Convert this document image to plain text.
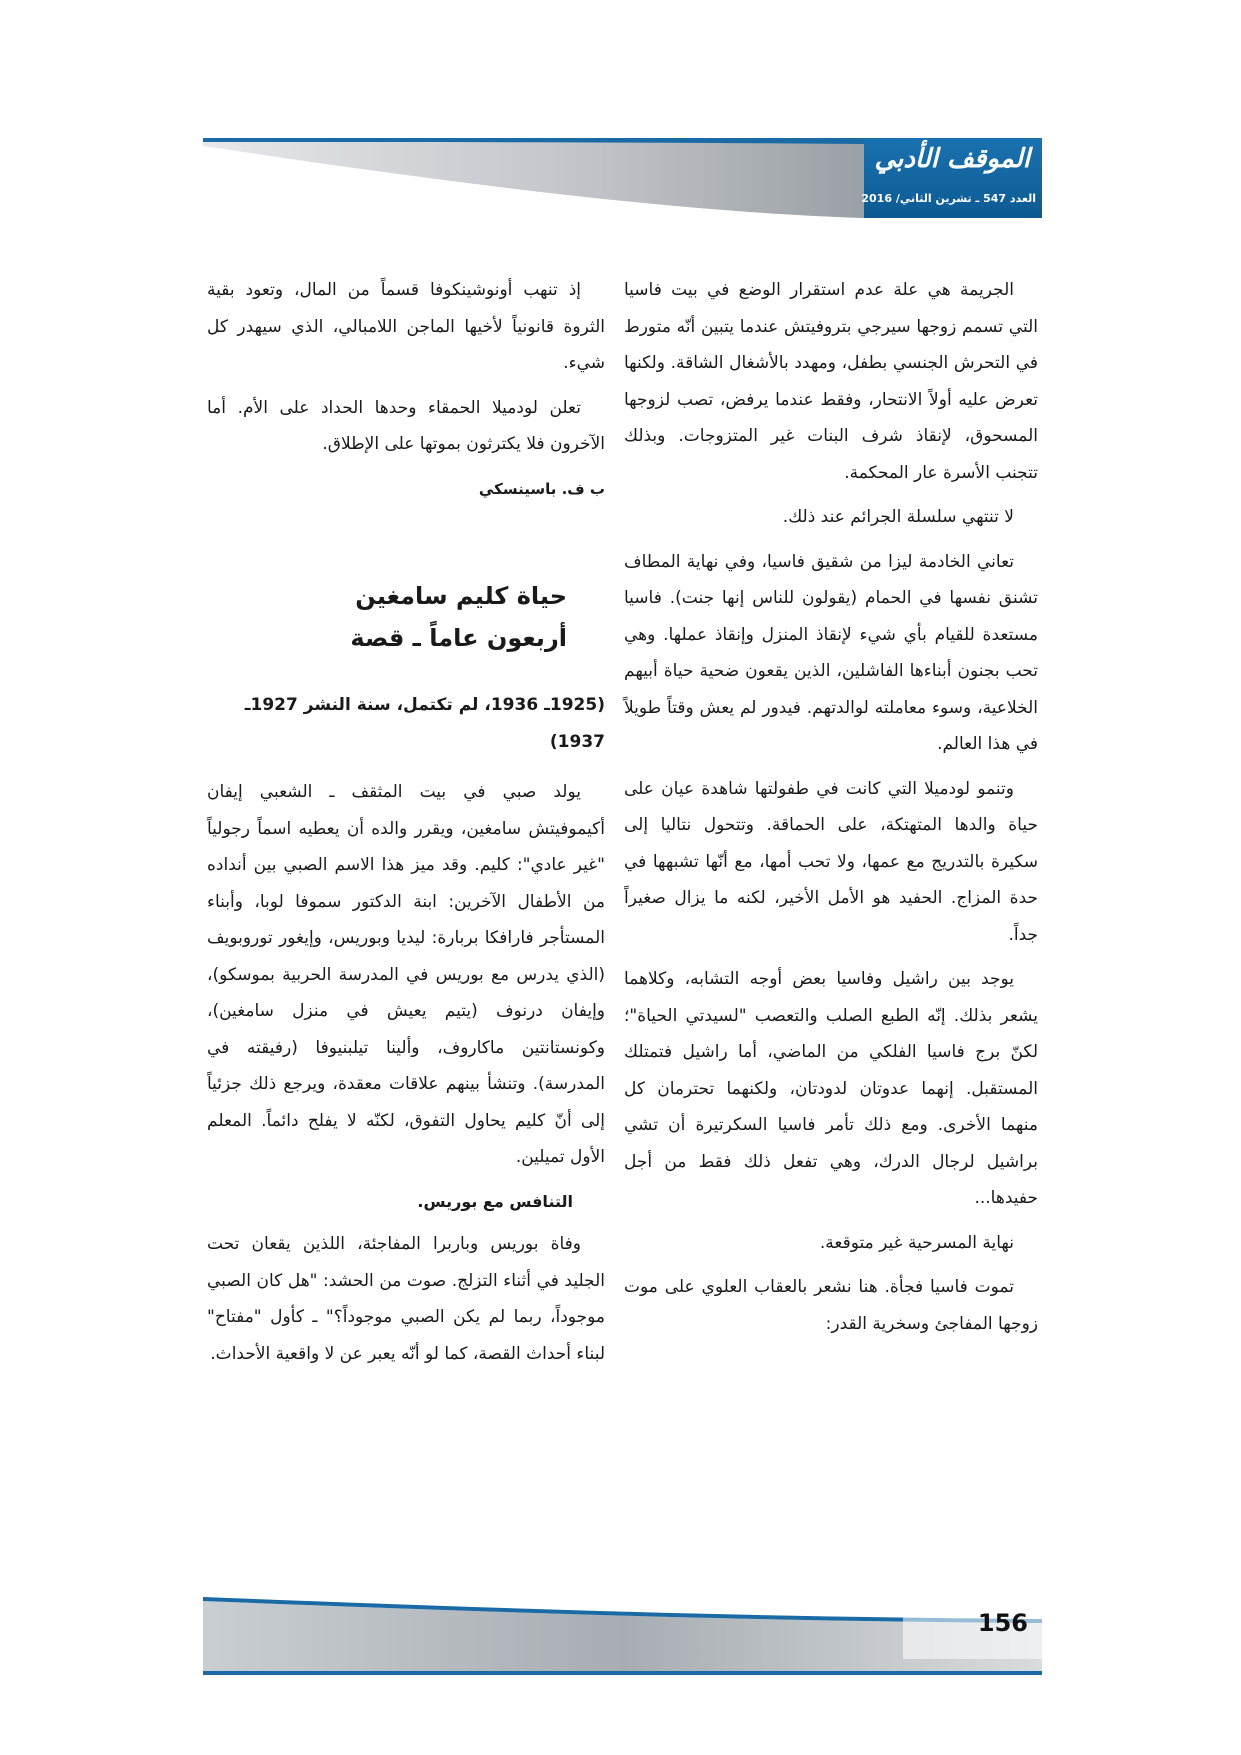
الموقف الأدبي
العدد 547 ـ تشرين الثاني/ 2016

الجريمة هي علة عدم استقرار الوضع في بيت فاسيا التي تسمم زوجها سيرجي بتروفيتش عندما يتبين أنّه متورط في التحرش الجنسي بطفل، ومهدد بالأشغال الشاقة. ولكنها تعرض عليه أولاً الانتحار، وفقط عندما يرفض، تصب لزوجها المسحوق، لإنقاذ شرف البنات غير المتزوجات. وبذلك تتجنب الأسرة عار المحكمة.

لا تنتهي سلسلة الجرائم عند ذلك.

تعاني الخادمة ليزا من شقيق فاسيا، وفي نهاية المطاف تشنق نفسها في الحمام (يقولون للناس إنها جنت). فاسيا مستعدة للقيام بأي شيء لإنقاذ المنزل وإنقاذ عملها. وهي تحب بجنون أبناءها الفاشلين، الذين يقعون ضحية حياة أبيهم الخلاعية، وسوء معاملته لوالدتهم. فيدور لم يعش وقتاً طويلاً في هذا العالم.

وتنمو لودميلا التي كانت في طفولتها شاهدة عيان على حياة والدها المتهتكة، على الحماقة. وتتحول نتاليا إلى سكيرة بالتدريج مع عمها، ولا تحب أمها، مع أنّها تشبهها في حدة المزاج. الحفيد هو الأمل الأخير، لكنه ما يزال صغيراً جداً.

يوجد بين راشيل وفاسيا بعض أوجه التشابه، وكلاهما يشعر بذلك. إنّه الطبع الصلب والتعصب "لسيدتي الحياة"؛ لكنّ برج فاسيا الفلكي من الماضي، أما راشيل فتمتلك المستقبل. إنهما عدوتان لدودتان، ولكنهما تحترمان كل منهما الأخرى. ومع ذلك تأمر فاسيا السكرتيرة أن تشي براشيل لرجال الدرك، وهي تفعل ذلك فقط من أجل حفيدها...

نهاية المسرحية غير متوقعة.

تموت فاسيا فجأة. هنا نشعر بالعقاب العلوي على موت زوجها المفاجئ وسخرية القدر:

إذ تنهب أونوشينكوفا قسماً من المال، وتعود بقية الثروة قانونياً لأخيها الماجن اللامبالي، الذي سيهدر كل شيء.

تعلن لودميلا الحمقاء وحدها الحداد على الأم. أما الآخرون فلا يكترثون بموتها على الإطلاق.

ب ف. باسينسكي
حياة كليم سامغين
أربعون عاماً ـ قصة
(1925ـ 1936، لم تكتمل، سنة النشر 1927ـ 1937)

يولد صبي في بيت المثقف ـ الشعبي إيفان أكيموفيتش سامغين، ويقرر والده أن يعطيه اسماً رجولياً "غير عادي": كليم. وقد ميز هذا الاسم الصبي بين أنداده من الأطفال الآخرين: ابنة الدكتور سموفا لوبا، وأبناء المستأجر فارافكا بربارة: ليديا وبوريس، وإيغور توروبويف (الذي يدرس مع بوريس في المدرسة الحربية بموسكو)، وإيفان درنوف (يتيم يعيش في منزل سامغين)، وكونستانتين ماكاروف، وألينا تيلبنيوفا (رفيقته في المدرسة). وتنشأ بينهم علاقات معقدة، ويرجع ذلك جزئياً إلى أنّ كليم يحاول التفوق، لكنّه لا يفلح دائماً. المعلم الأول تميلين.

التنافس مع بوريس.

وفاة بوريس وباربرا المفاجئة، اللذين يقعان تحت الجليد في أثناء التزلج. صوت من الحشد: "هل كان الصبي موجوداً، ربما لم يكن الصبي موجوداً؟" ـ كأول "مفتاح" لبناء أحداث القصة، كما لو أنّه يعبر عن لا واقعية الأحداث.

156
